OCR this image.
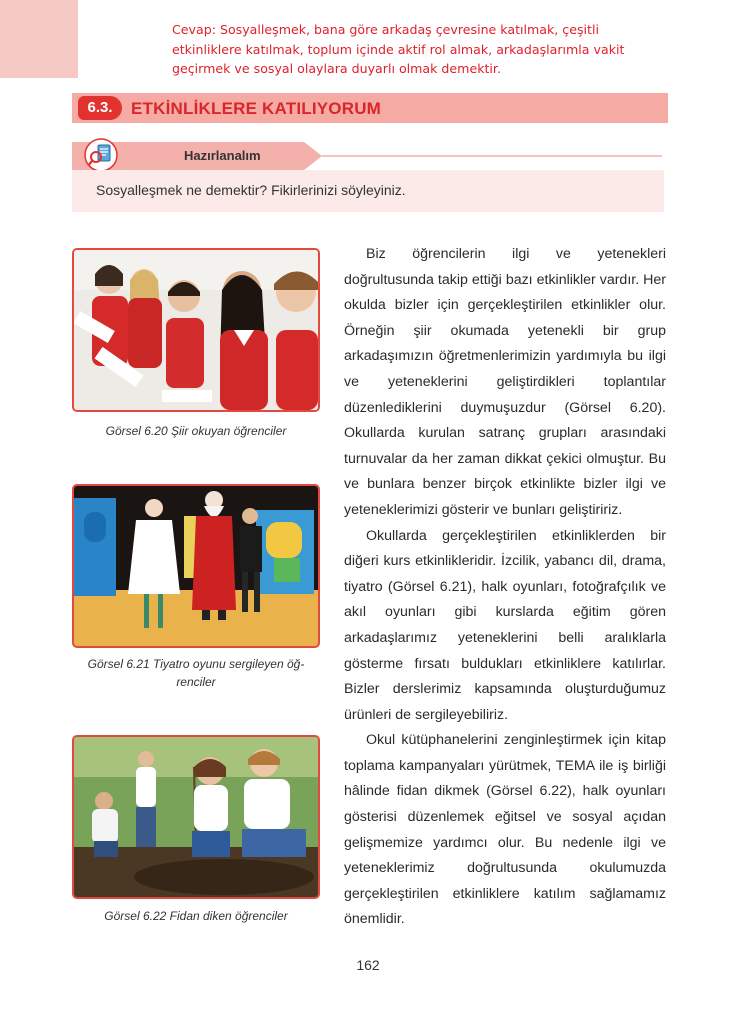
Cevap: Sosyalleşmek, bana göre arkadaş çevresine katılmak, çeşitli etkinliklere katılmak, toplum içinde aktif rol almak, arkadaşlarımla vakit geçirmek ve sosyal olaylara duyarlı olmak demektir.
6.3.	ETKİNLİKLERE KATILIYORUM
Hazırlanalım
Sosyalleşmek ne demektir? Fikirlerinizi söyleyiniz.
Görsel 6.20 Şiir okuyan öğrenciler
Görsel 6.21 Tiyatro oyunu sergileyen öğ-renciler
Görsel 6.22 Fidan diken öğrenciler

Biz öğrencilerin ilgi ve yetenekleri doğrultusunda takip ettiği bazı etkinlikler vardır. Her okulda bizler için gerçekleştirilen etkinlikler olur. Örneğin şiir okumada yetenekli bir grup arkadaşımızın öğretmenlerimizin yardımıyla bu ilgi ve yeteneklerini geliştirdikleri toplantılar düzenlediklerini duymuşuzdur (Görsel 6.20). Okullarda kurulan satranç grupları arasındaki turnuvalar da her zaman dikkat çekici olmuştur. Bu ve bunlara benzer birçok etkinlikte bizler ilgi ve yeteneklerimizi gösterir ve bunları geliştiririz.

Okullarda gerçekleştirilen etkinliklerden bir diğeri kurs etkinlikleridir. İzcilik, yabancı dil, drama, tiyatro (Görsel 6.21), halk oyunları, fotoğrafçılık ve akıl oyunları gibi kurslarda eğitim gören arkadaşlarımız yeteneklerini belli aralıklarla gösterme fırsatı buldukları etkinliklere katılırlar. Bizler derslerimiz kapsamında oluşturduğumuz ürünleri de sergileyebiliriz.

Okul kütüphanelerini zenginleştirmek için kitap toplama kampanyaları yürütmek, TEMA ile iş birliği hâlinde fidan dikmek (Görsel 6.22), halk oyunları gösterisi düzenlemek eğitsel ve sosyal açıdan gelişmemize yardımcı olur. Bu nedenle ilgi ve yeteneklerimiz doğrultusunda okulumuzda gerçekleştirilen etkinliklere katılım sağlamamız önemlidir.

162
